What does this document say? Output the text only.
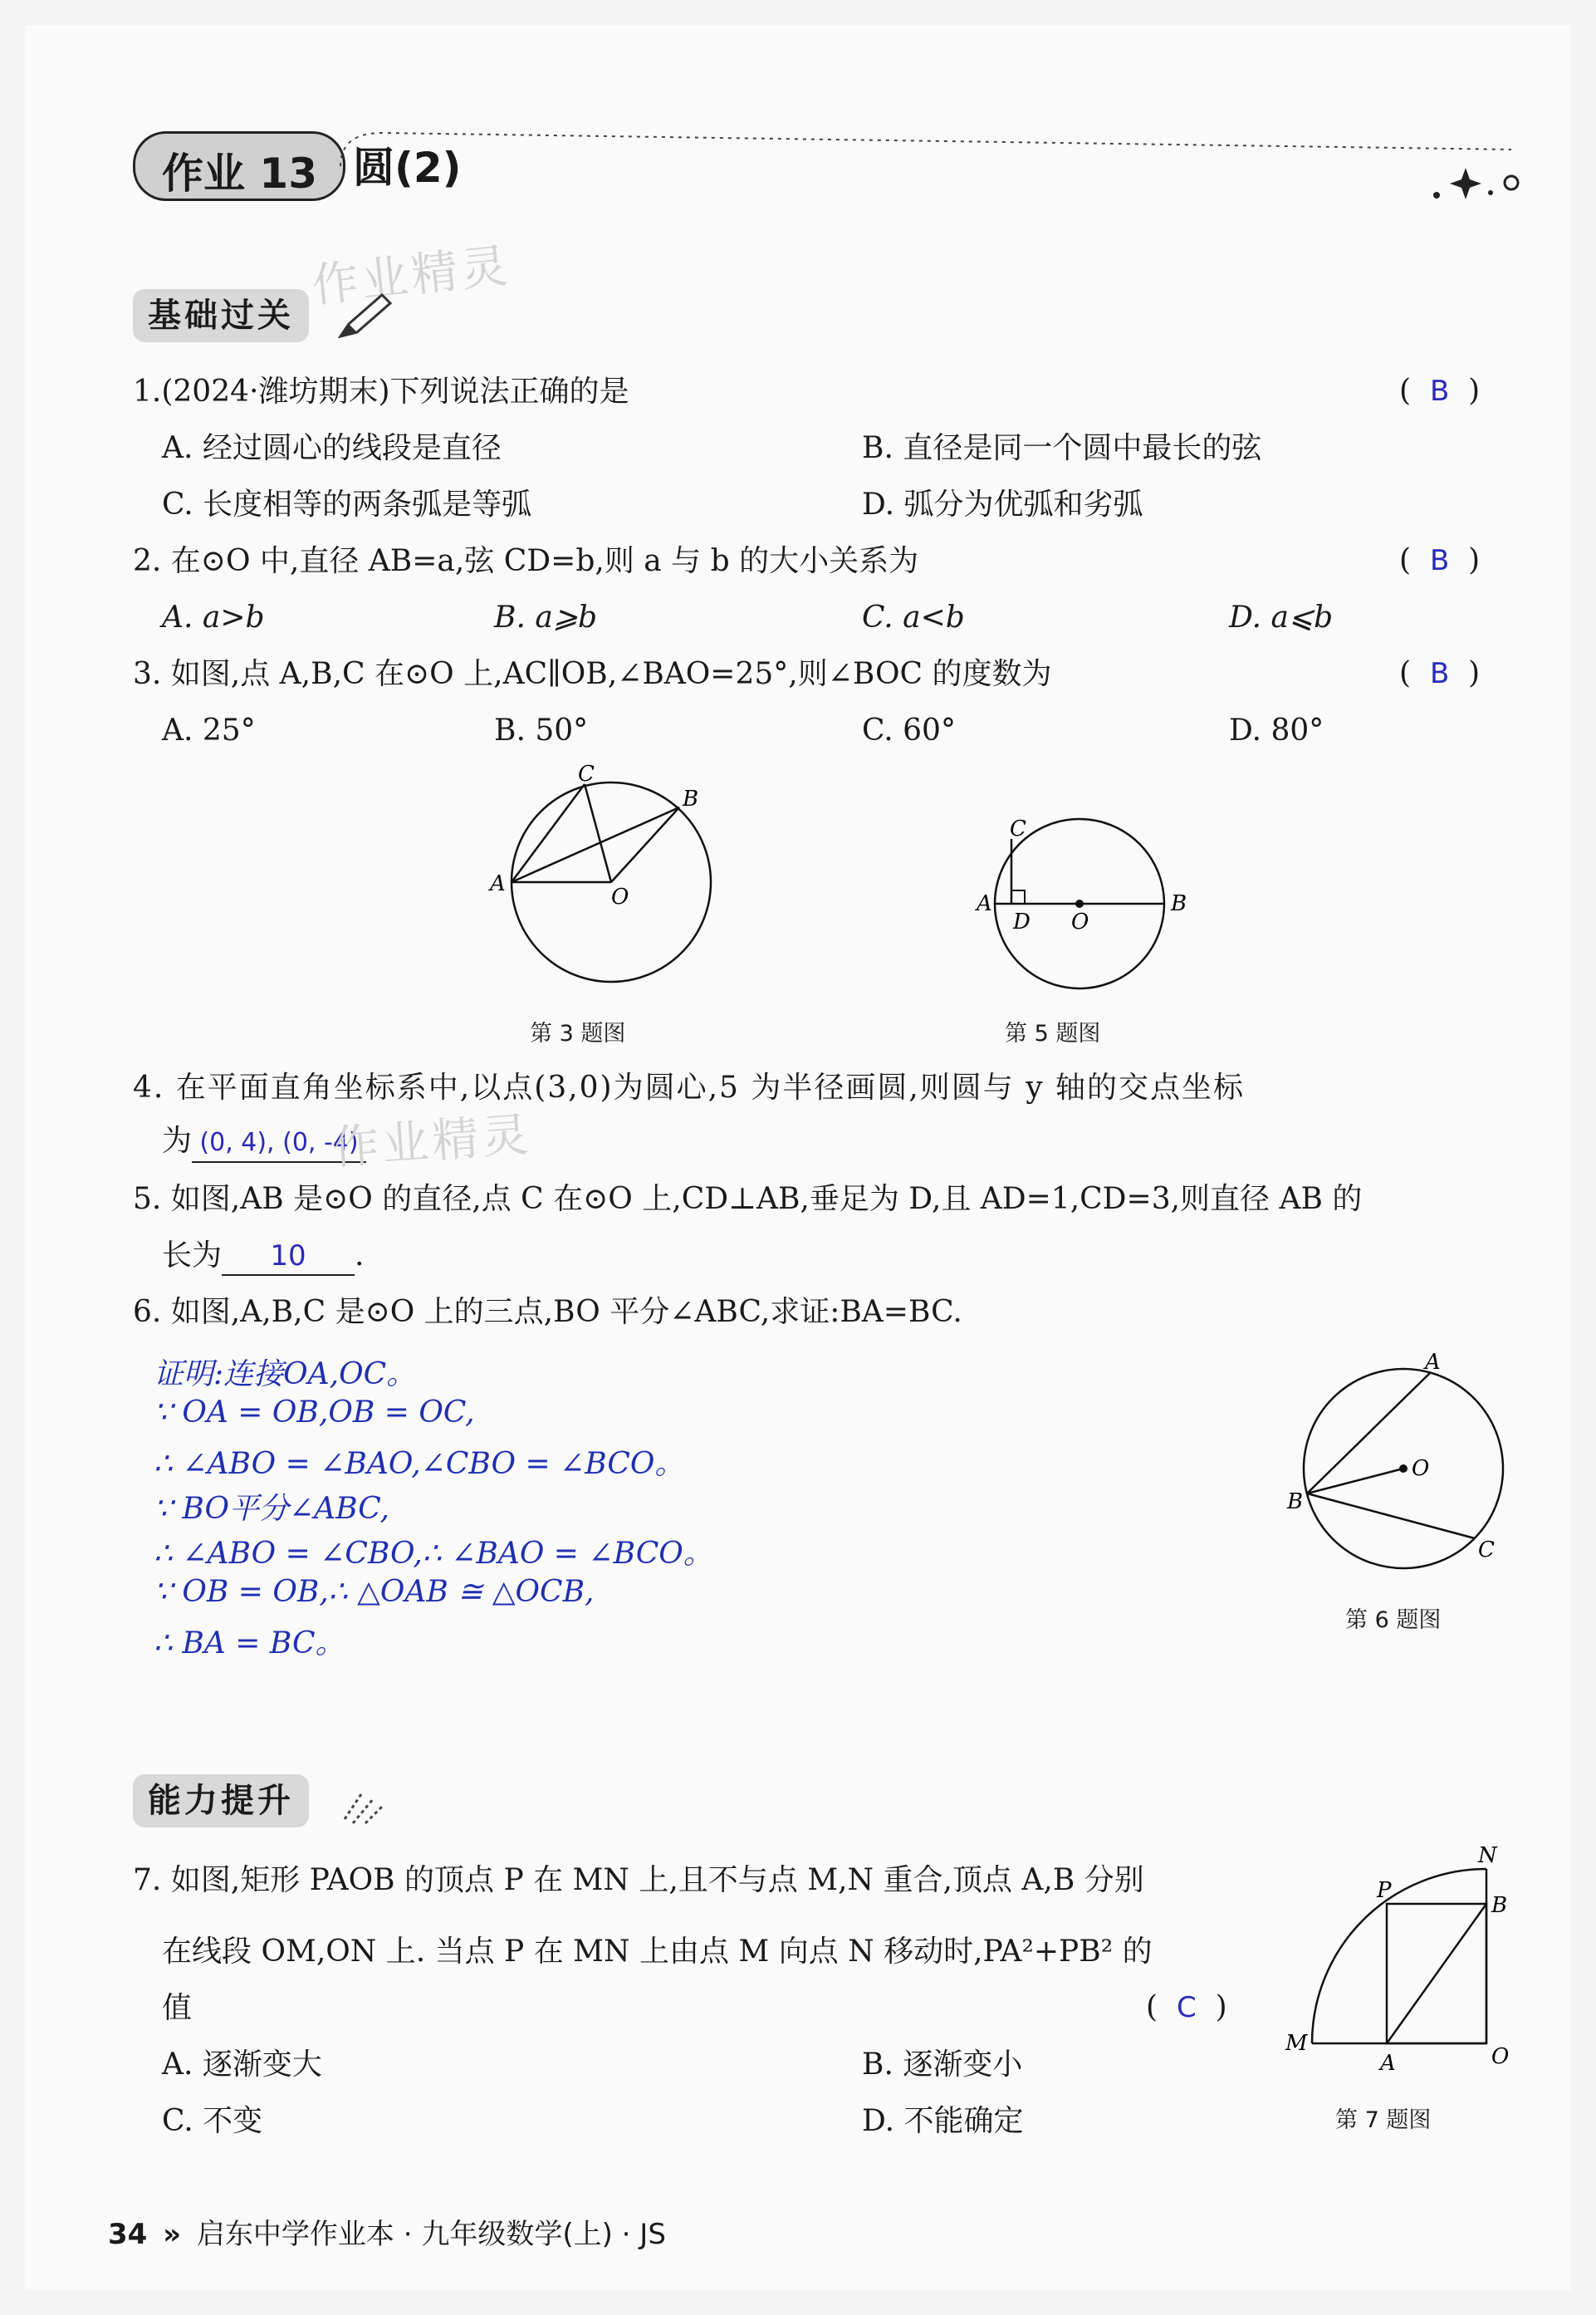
作业 13 圆(2)
作业精灵
基础过关
1.(2024·潍坊期末)下列说法正确的是	(  B  )
A. 经过圆心的线段是直径	B. 直径是同一个圆中最长的弦
C. 长度相等的两条弧是等弧	D. 弧分为优弧和劣弧
2. 在⊙O 中,直径 AB=a,弦 CD=b,则 a 与 b 的大小关系为	(  B  )
A. a>b	B. a⩾b	C. a<b	D. a⩽b
3. 如图,点 A,B,C 在⊙O 上,AC∥OB,∠BAO=25°,则∠BOC 的度数为	(  B  )
A. 25°	B. 50°	C. 60°	D. 80°
A
B
C
O
第 3 题图
C
A
D O
B
第 5 题图
4. 在平面直角坐标系中,以点(3,0)为圆心,5 为半径画圆,则圆与 y 轴的交点坐标
为 (0, 4), (0, -4)
作业精灵
5. 如图,AB 是⊙O 的直径,点 C 在⊙O 上,CD⊥AB,垂足为 D,且 AD=1,CD=3,则直径 AB 的
长为 10 .
6. 如图,A,B,C 是⊙O 上的三点,BO 平分∠ABC,求证:BA=BC.
证明:连接OA,OC。
∵ OA = OB,OB = OC,
∴ ∠ABO = ∠BAO,∠CBO = ∠BCO。
∵ BO平分∠ABC,
∴ ∠ABO = ∠CBO,∴ ∠BAO = ∠BCO。
∵ OB = OB,∴ △OAB ≅ △OCB,
∴ BA = BC。
A
O
B
C
第 6 题图
能力提升
7. 如图,矩形 PAOB 的顶点 P 在 MN 上,且不与点 M,N 重合,顶点 A,B 分别
在线段 OM,ON 上. 当点 P 在 MN 上由点 M 向点 N 移动时,PA²+PB² 的
值	(  C  )
A. 逐渐变大	B. 逐渐变小
C. 不变	D. 不能确定
N
P
B
M
A	O
第 7 题图
34 » 启东中学作业本 · 九年级数学(上) · JS
